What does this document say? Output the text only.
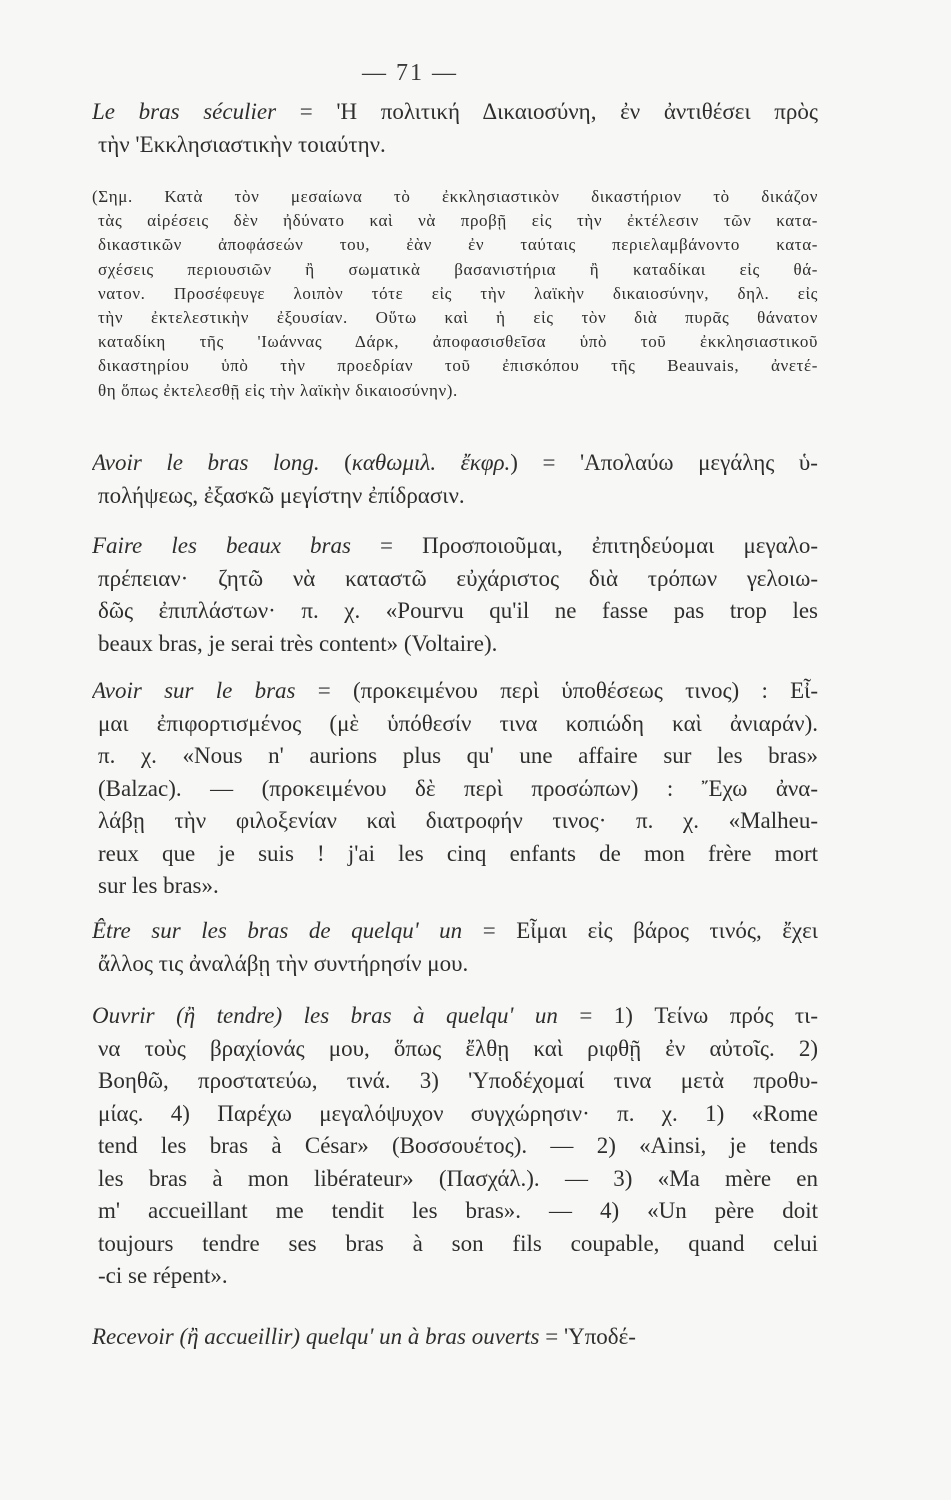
— 71 —
Le bras séculier = 'Η πολιτική Δικαιοσύνη, ἐν ἀντιθέσει πρὸς
τὴν 'Εκκλησιαστικὴν τοιαύτην.
(Σημ. Κατὰ τὸν μεσαίωνα τὸ ἐκκλησιαστικὸν δικαστήριον τὸ δικάζον
τὰς αἱρέσεις δὲν ἠδύνατο καὶ νὰ προβῇ εἰς τὴν ἐκτέλεσιν τῶν κατα-
δικαστικῶν ἀποφάσεών του, ἐὰν ἐν ταύταις περιελαμβάνοντο κατα-
σχέσεις περιουσιῶν ἢ σωματικὰ βασανιστήρια ἢ καταδίκαι εἰς θά-
νατον. Προσέφευγε λοιπὸν τότε εἰς τὴν λαϊκὴν δικαιοσύνην, δηλ. εἰς
τὴν ἐκτελεστικὴν ἐξουσίαν. Οὕτω καὶ ἡ εἰς τὸν διὰ πυρᾶς θάνατον
καταδίκη τῆς 'Ιωάννας Δάρκ, ἀποφασισθεῖσα ὑπὸ τοῦ ἐκκλησιαστικοῦ
δικαστηρίου ὑπὸ τὴν προεδρίαν τοῦ ἐπισκόπου τῆς Beauvais, ἀνετέ-
θη ὅπως ἐκτελεσθῇ εἰς τὴν λαϊκὴν δικαιοσύνην).
Avoir le bras long. (καθωμιλ. ἔκφρ.) = 'Απολαύω μεγάλης ὑ-
πολήψεως, ἐξασκῶ μεγίστην ἐπίδρασιν.
Faire les beaux bras = Προσποιοῦμαι, ἐπιτηδεύομαι μεγαλο-
πρέπειαν· ζητῶ νὰ καταστῶ εὐχάριστος διὰ τρόπων γελοιω-
δῶς ἐπιπλάστων· π. χ. «Pourvu qu'il ne fasse pas trop les
beaux bras, je serai très content» (Voltaire).
Avoir sur le bras = (προκειμένου περὶ ὑποθέσεως τινος) : Εἶ-
μαι ἐπιφορτισμένος (μὲ ὑπόθεσίν τινα κοπιώδη καὶ ἀνιαράν).
π. χ. «Nous n' aurions plus qu' une affaire sur les bras»
(Balzac). — (προκειμένου δὲ περὶ προσώπων) : Ἔχω ἀνα-
λάβῃ τὴν φιλοξενίαν καὶ διατροφήν τινος· π. χ. «Malheu-
reux que je suis ! j'ai les cinq enfants de mon frère mort
sur les bras».
Être sur les bras de quelqu' un = Εἶμαι εἰς βάρος τινός, ἔχει
ἄλλος τις ἀναλάβῃ τὴν συντήρησίν μου.
Ouvrir (ἢ tendre) les bras à quelqu' un = 1) Τείνω πρός τι-
να τοὺς βραχίονάς μου, ὅπως ἔλθῃ καὶ ριφθῇ ἐν αὐτοῖς. 2)
Βοηθῶ, προστατεύω, τινά. 3) 'Υποδέχομαί τινα μετὰ προθυ-
μίας. 4) Παρέχω μεγαλόψυχον συγχώρησιν· π. χ. 1) «Rome
tend les bras à César» (Βοσσουέτος). — 2) «Ainsi, je tends
les bras à mon libérateur» (Πασχάλ.). — 3) «Ma mère en
m' accueillant me tendit les bras». — 4) «Un père doit
toujours tendre ses bras à son fils coupable, quand celui
-ci se répent».
Recevoir (ἢ accueillir) quelqu' un à bras ouverts = 'Υποδέ-
